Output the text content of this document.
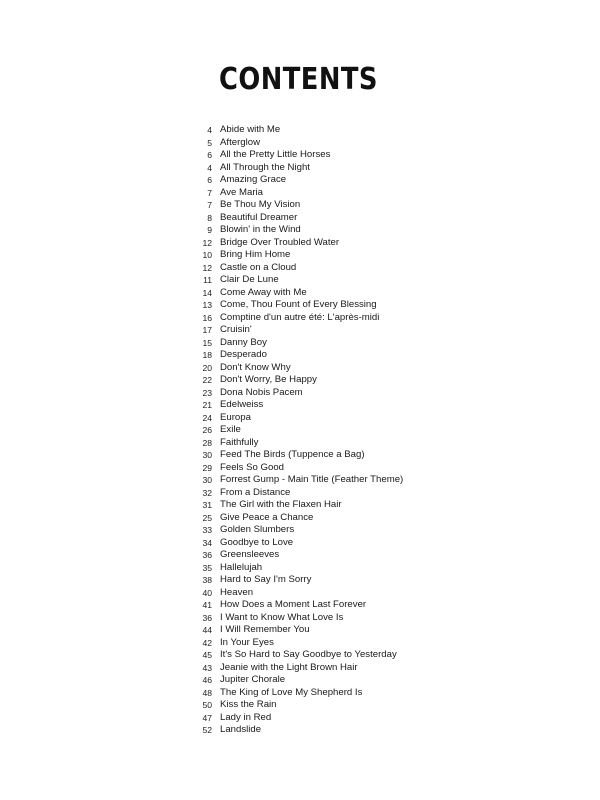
CONTENTS
4 Abide with Me
5 Afterglow
6 All the Pretty Little Horses
4 All Through the Night
6 Amazing Grace
7 Ave Maria
7 Be Thou My Vision
8 Beautiful Dreamer
9 Blowin' in the Wind
12 Bridge Over Troubled Water
10 Bring Him Home
12 Castle on a Cloud
11 Clair De Lune
14 Come Away with Me
13 Come, Thou Fount of Every Blessing
16 Comptine d'un autre été: L'après-midi
17 Cruisin'
15 Danny Boy
18 Desperado
20 Don't Know Why
22 Don't Worry, Be Happy
23 Dona Nobis Pacem
21 Edelweiss
24 Europa
26 Exile
28 Faithfully
30 Feed The Birds (Tuppence a Bag)
29 Feels So Good
30 Forrest Gump - Main Title (Feather Theme)
32 From a Distance
31 The Girl with the Flaxen Hair
25 Give Peace a Chance
33 Golden Slumbers
34 Goodbye to Love
36 Greensleeves
35 Hallelujah
38 Hard to Say I'm Sorry
40 Heaven
41 How Does a Moment Last Forever
36 I Want to Know What Love Is
44 I Will Remember You
42 In Your Eyes
45 It's So Hard to Say Goodbye to Yesterday
43 Jeanie with the Light Brown Hair
46 Jupiter Chorale
48 The King of Love My Shepherd Is
50 Kiss the Rain
47 Lady in Red
52 Landslide
